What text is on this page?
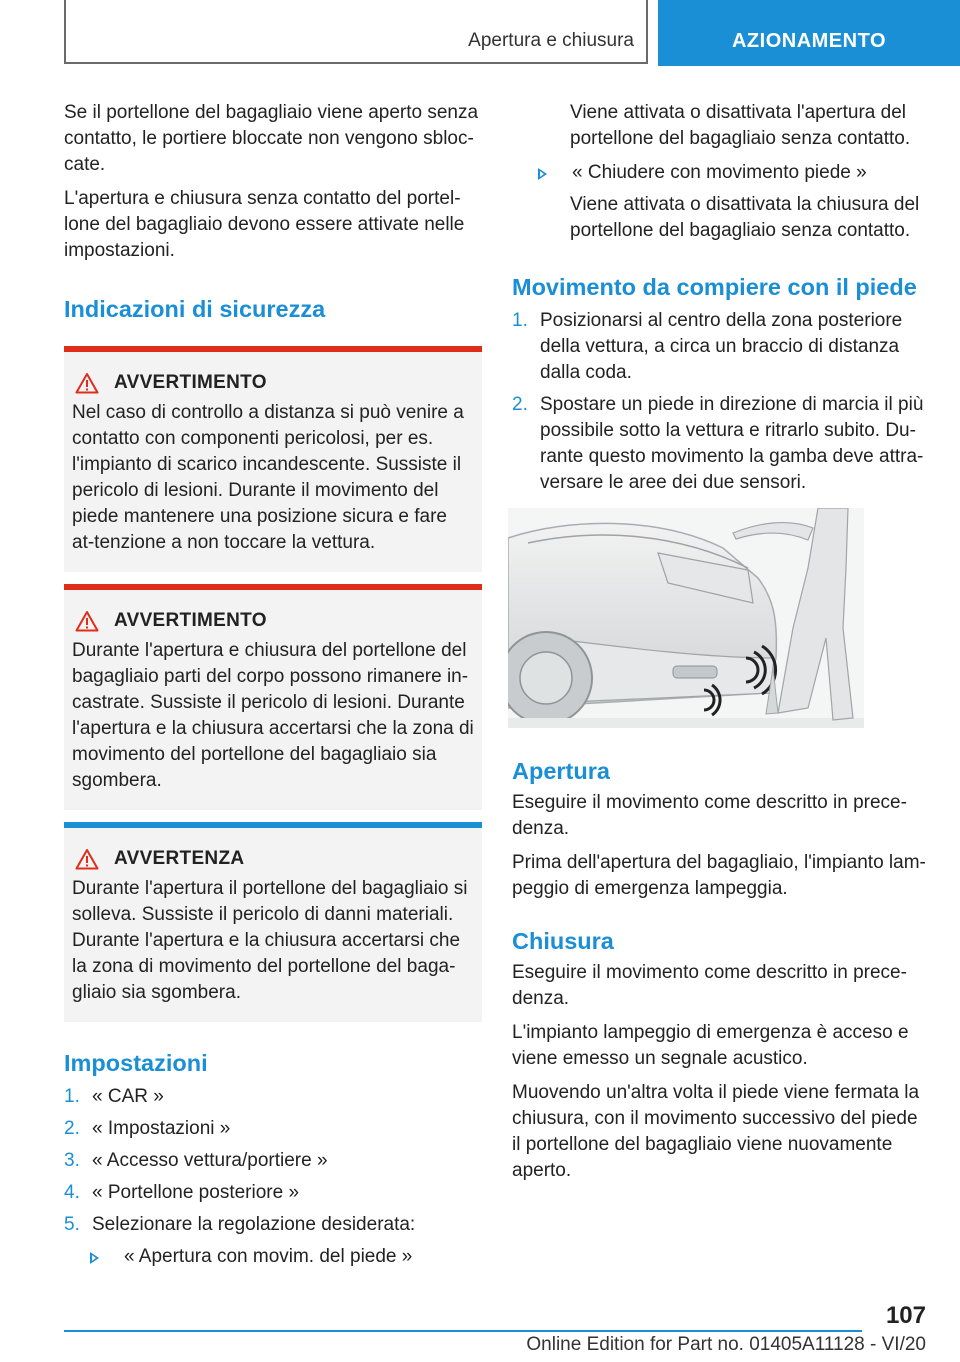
Apertura e chiusura	AZIONAMENTO

Se il portellone del bagagliaio viene aperto senza contatto, le portiere bloccate non vengono sbloc-cate.

L'apertura e chiusura senza contatto del portel-lone del bagagliaio devono essere attivate nelle impostazioni.

Indicazioni di sicurezza
AVVERTIMENTO

Nel caso di controllo a distanza si può venire a contatto con componenti pericolosi, per es. l'impianto di scarico incandescente. Sussiste il pericolo di lesioni. Durante il movimento del piede mantenere una posizione sicura e fare at-tenzione a non toccare la vettura.

AVVERTIMENTO

Durante l'apertura e chiusura del portellone del bagagliaio parti del corpo possono rimanere in-castrate. Sussiste il pericolo di lesioni. Durante l'apertura e la chiusura accertarsi che la zona di movimento del portellone del bagagliaio sia sgombera.

AVVERTENZA

Durante l'apertura il portellone del bagagliaio si solleva. Sussiste il pericolo di danni materiali. Durante l'apertura e la chiusura accertarsi che la zona di movimento del portellone del baga-gliaio sia sgombera.

Impostazioni
1. « CAR »
2. « Impostazioni »
3. « Accesso vettura/portiere »
4. « Portellone posteriore »
5. Selezionare la regolazione desiderata:
« Apertura con movim. del piede »

Viene attivata o disattivata l'apertura del portellone del bagagliaio senza contatto.

« Chiudere con movimento piede »

Viene attivata o disattivata la chiusura del portellone del bagagliaio senza contatto.

Movimento da compiere con il piede
1. Posizionarsi al centro della zona posteriore della vettura, a circa un braccio di distanza dalla coda.
2. Spostare un piede in direzione di marcia il più possibile sotto la vettura e ritrarlo subito. Du-rante questo movimento la gamba deve attra-versare le aree dei due sensori.
Apertura

Eseguire il movimento come descritto in prece-denza.

Prima dell'apertura del bagagliaio, l'impianto lam-peggio di emergenza lampeggia.

Chiusura

Eseguire il movimento come descritto in prece-denza.

L'impianto lampeggio di emergenza è acceso e viene emesso un segnale acustico.

Muovendo un'altra volta il piede viene fermata la chiusura, con il movimento successivo del piede il portellone del bagagliaio viene nuovamente aperto.

107
Online Edition for Part no. 01405A11128 - VI/20
